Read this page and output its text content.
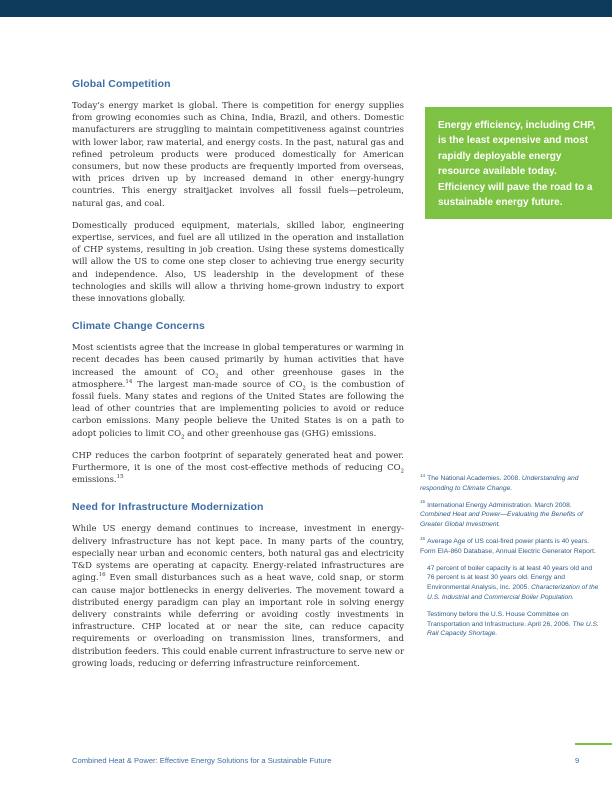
Global Competition

Today’s energy market is global. There is competition for energy supplies from growing economies such as China, India, Brazil, and others. Domestic manufacturers are struggling to maintain competitiveness against countries with lower labor, raw material, and energy costs. In the past, natural gas and refined petroleum products were produced domestically for American consumers, but now these products are frequently imported from overseas, with prices driven up by increased demand in other energy-hungry countries. This energy straitjacket involves all fossil fuels—petroleum, natural gas, and coal.

Domestically produced equipment, materials, skilled labor, engineering expertise, services, and fuel are all utilized in the operation and installation of CHP systems, resulting in job creation. Using these systems domestically will allow the US to come one step closer to achieving true energy security and independence. Also, US leadership in the development of these technologies and skills will allow a thriving home-grown industry to export these innovations globally.

Climate Change Concerns

Most scientists agree that the increase in global temperatures or warming in recent decades has been caused primarily by human activities that have increased the amount of $CO_2$ and other greenhouse gases in the atmosphere.$^{14}$ The largest man-made source of $CO_2$ is the combustion of fossil fuels. Many states and regions of the United States are following the lead of other countries that are implementing policies to avoid or reduce carbon emissions. Many people believe the United States is on a path to adopt policies to limit $CO_2$ and other greenhouse gas (GHG) emissions.

CHP reduces the carbon footprint of separately generated heat and power. Furthermore, it is one of the most cost-effective methods of reducing $CO_2$ emissions.$^{15}$

Need for Infrastructure Modernization

While US energy demand continues to increase, investment in energy-delivery infrastructure has not kept pace. In many parts of the country, especially near urban and economic centers, both natural gas and electricity T&D systems are operating at capacity. Energy-related infrastructures are aging.$^{16}$ Even small disturbances such as a heat wave, cold snap, or storm can cause major bottlenecks in energy deliveries. The movement toward a distributed energy paradigm can play an important role in solving energy delivery constraints while deferring or avoiding costly investments in infrastructure. CHP located at or near the site, can reduce capacity requirements or overloading on transmission lines, transformers, and distribution feeders. This could enable current infrastructure to serve new or growing loads, reducing or deferring infrastructure reinforcement.

Energy efficiency, including CHP, is the least expensive and most rapidly deployable energy resource available today. Efficiency will pave the road to a sustainable energy future.

$^{14}$ The National Academies. 2008. Understanding and responding to Climate Change.

$^{15}$ International Energy Administration. March 2008. Combined Heat and Power—Evaluating the Benefits of Greater Global Investment.

$^{16}$ Average Age of US coal-fired power plants is 40 years. Form EIA-860 Database, Annual Electric Generator Report.

47 percent of boiler capacity is at least 40 years old and 76 percent is at least 30 years old. Energy and Environmental Analysis, Inc. 2005. Characterization of the U.S. Industrial and Commercial Boiler Population.

Testimony before the U.S. House Committee on Transportation and Infrastructure. April 26, 2006. The U.S. Rail Capacity Shortage.

Combined Heat & Power: Effective Energy Solutions for a Sustainable Future	9
